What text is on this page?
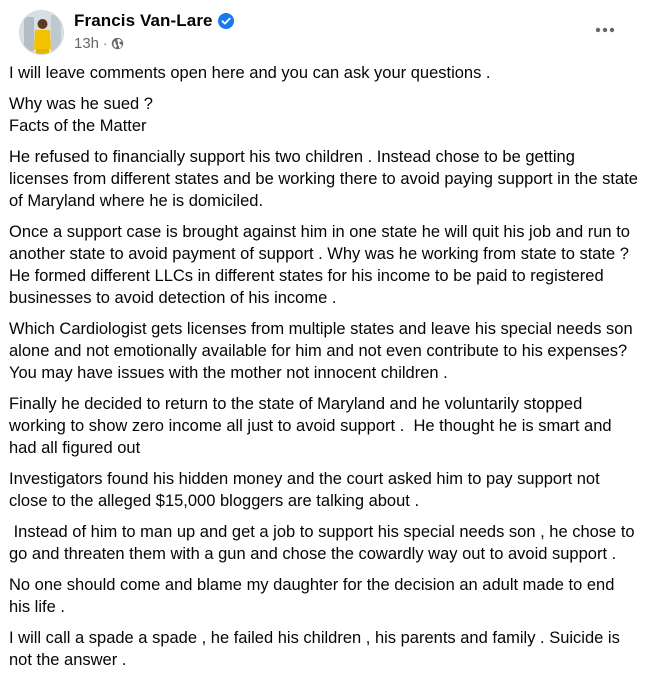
Francis Van-Lare
13h ·

I will leave comments open here and you can ask your questions .

Why was he sued ?
Facts of the Matter

He refused to financially support his two children . Instead chose to be getting licenses from different states and be working there to avoid paying support in the state of Maryland where he is domiciled.

Once a support case is brought against him in one state he will quit his job and run to another state to avoid payment of support . Why was he working from state to state ? He formed different LLCs in different states for his income to be paid to registered businesses to avoid detection of his income .

Which Cardiologist gets licenses from multiple states and leave his special needs son alone and not emotionally available for him and not even contribute to his expenses? You may have issues with the mother not innocent children .

Finally he decided to return to the state of Maryland and he voluntarily stopped working to show zero income all just to avoid support .  He thought he is smart and had all figured out

Investigators found his hidden money and the court asked him to pay support not close to the alleged $15,000 bloggers are talking about .

Instead of him to man up and get a job to support his special needs son , he chose to go and threaten them with a gun and chose the cowardly way out to avoid support .

No one should come and blame my daughter for the decision an adult made to end his life .

I will call a spade a spade , he failed his children , his parents and family . Suicide is not the answer .
